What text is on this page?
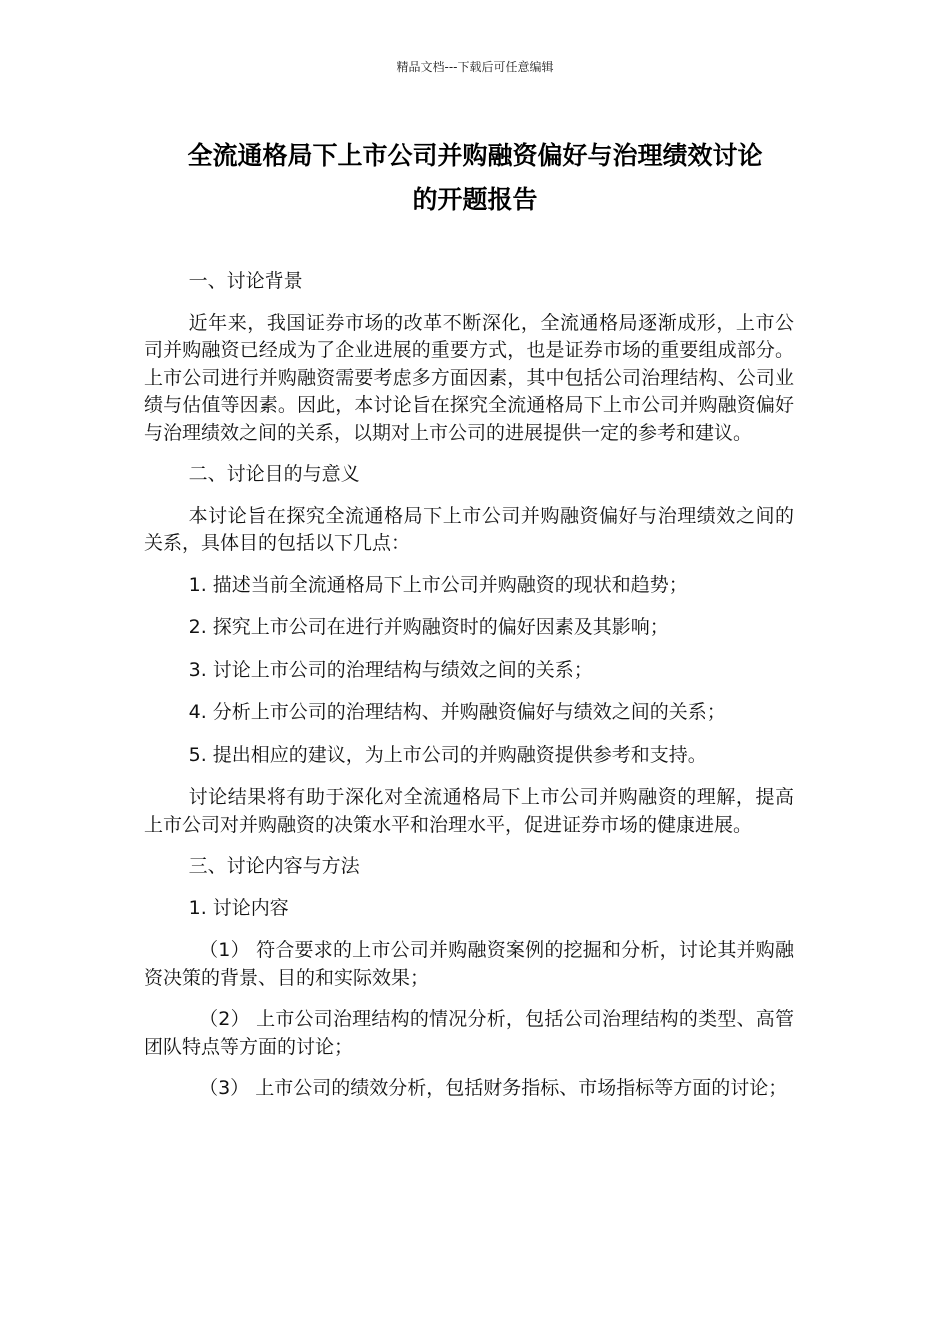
精品文档---下载后可任意编辑
全流通格局下上市公司并购融资偏好与治理绩效讨论
的开题报告
一、讨论背景
近年来，我国证券市场的改革不断深化，全流通格局逐渐成形，上市公司并购融资已经成为了企业进展的重要方式，也是证券市场的重要组成部分。上市公司进行并购融资需要考虑多方面因素，其中包括公司治理结构、公司业绩与估值等因素。因此，本讨论旨在探究全流通格局下上市公司并购融资偏好与治理绩效之间的关系，以期对上市公司的进展提供一定的参考和建议。
二、讨论目的与意义
本讨论旨在探究全流通格局下上市公司并购融资偏好与治理绩效之间的关系，具体目的包括以下几点：
1. 描述当前全流通格局下上市公司并购融资的现状和趋势；
2. 探究上市公司在进行并购融资时的偏好因素及其影响；
3. 讨论上市公司的治理结构与绩效之间的关系；
4. 分析上市公司的治理结构、并购融资偏好与绩效之间的关系；
5. 提出相应的建议，为上市公司的并购融资提供参考和支持。
讨论结果将有助于深化对全流通格局下上市公司并购融资的理解，提高上市公司对并购融资的决策水平和治理水平，促进证券市场的健康进展。
三、讨论内容与方法
1. 讨论内容
（1） 符合要求的上市公司并购融资案例的挖掘和分析，讨论其并购融资决策的背景、目的和实际效果；
（2） 上市公司治理结构的情况分析，包括公司治理结构的类型、高管团队特点等方面的讨论；
（3） 上市公司的绩效分析，包括财务指标、市场指标等方面的讨论；
